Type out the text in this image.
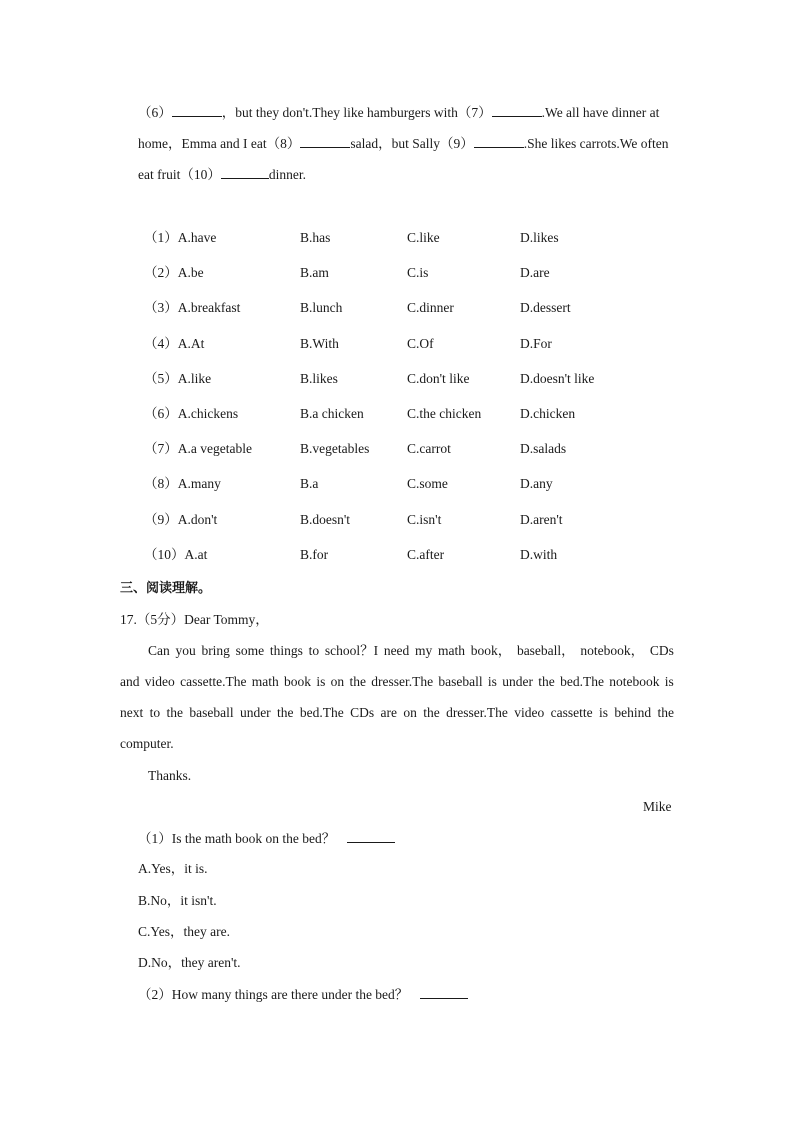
（6）	，but they don't.They like hamburgers with（7）	.We all have dinner at
home，Emma and I eat（8）	salad，but Sally（9）	.She likes carrots.We often
eat fruit（10）	dinner.
（1）A.have	B.has	C.like	D.likes
（2）A.be	B.am	C.is	D.are
（3）A.breakfast	B.lunch	C.dinner	D.dessert
（4）A.At	B.With	C.Of	D.For
（5）A.like	B.likes	C.don't like	D.doesn't like
（6）A.chickens	B.a chicken	C.the chicken	D.chicken
（7）A.a vegetable	B.vegetables	C.carrot	D.salads
（8）A.many	B.a	C.some	D.any
（9）A.don't	B.doesn't	C.isn't	D.aren't
（10）A.at	B.for	C.after	D.with
三、阅读理解。
17.（5分）Dear Tommy，
Can you bring some things to school？I need my math book， baseball， notebook， CDs
and video cassette.The math book is on the dresser.The baseball is under the bed.The notebook is
next to the baseball under the bed.The CDs are on the dresser.The video cassette is behind the
computer.
Thanks.
Mike
（1）Is the math book on the bed？
A.Yes，it is.
B.No，it isn't.
C.Yes，they are.
D.No，they aren't.
（2）How many things are there under the bed？
